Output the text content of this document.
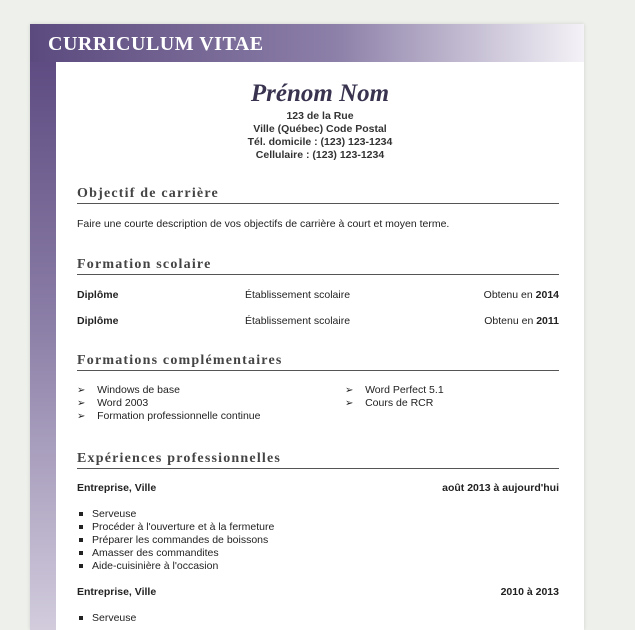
CURRICULUM VITAE
Prénom Nom
123 de la Rue
Ville (Québec) Code Postal
Tél. domicile : (123) 123-1234
Cellulaire : (123) 123-1234
Objectif de carrière
Faire une courte description de vos objectifs de carrière à court et moyen terme.
Formation scolaire
Diplôme	Établissement scolaire	Obtenu en 2014
Diplôme	Établissement scolaire	Obtenu en 2011
Formations complémentaires
➢ Windows de base
➢ Word 2003
➢ Formation professionnelle continue
➢ Word Perfect 5.1
➢ Cours de RCR
Expériences professionnelles
Entreprise, Ville	août 2013 à aujourd'hui
Serveuse
Procéder à l'ouverture et à la fermeture
Préparer les commandes de boissons
Amasser des commandites
Aide-cuisinière à l'occasion
Entreprise, Ville	2010 à 2013
Serveuse
